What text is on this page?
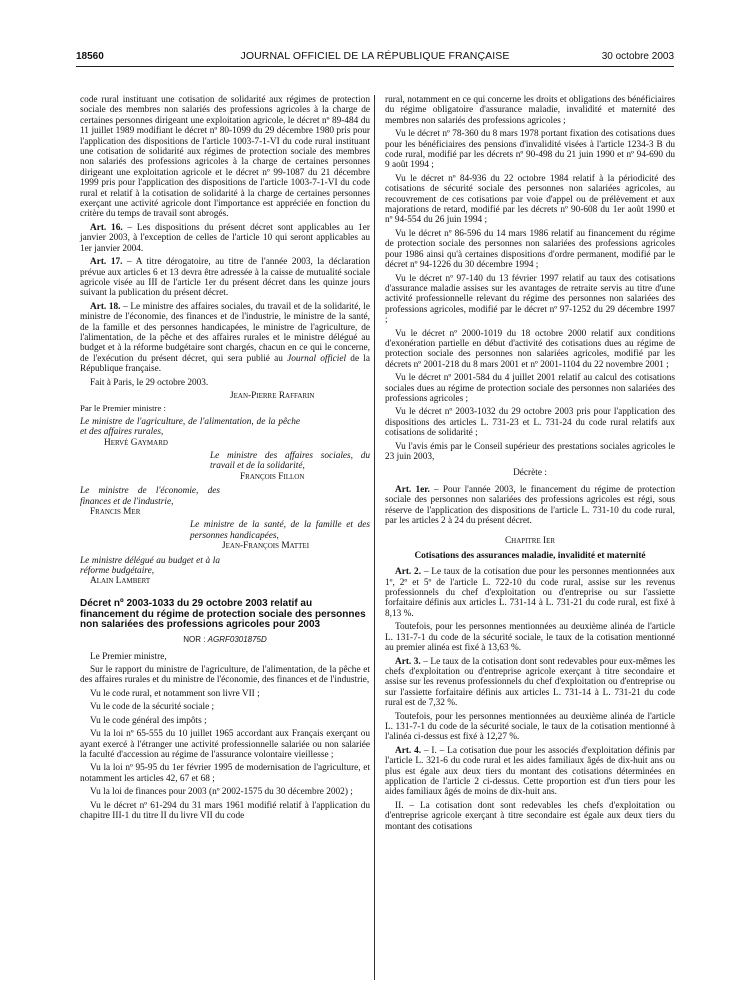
18560	JOURNAL OFFICIEL DE LA RÉPUBLIQUE FRANÇAISE	30 octobre 2003

code rural instituant une cotisation de solidarité aux régimes de protection sociale des membres non salariés des professions agricoles à la charge de certaines personnes dirigeant une exploitation agricole, le décret nº 89-484 du 11 juillet 1989 modifiant le décret nº 80-1099 du 29 décembre 1980 pris pour l'application des dispositions de l'article 1003-7-1-VI du code rural instituant une cotisation de solidarité aux régimes de protection sociale des membres non salariés des professions agricoles à la charge de certaines personnes dirigeant une exploitation agricole et le décret nº 99-1087 du 21 décembre 1999 pris pour l'application des dispositions de l'article 1003-7-1-VI du code rural et relatif à la cotisation de solidarité à la charge de certaines personnes exerçant une activité agricole dont l'importance est appréciée en fonction du critère du temps de travail sont abrogés.

Art. 16. – Les dispositions du présent décret sont applicables au 1er janvier 2003, à l'exception de celles de l'article 10 qui seront applicables au 1er janvier 2004.

Art. 17. – A titre dérogatoire, au titre de l'année 2003, la déclaration prévue aux articles 6 et 13 devra être adressée à la caisse de mutualité sociale agricole visée au III de l'article 1er du présent décret dans les quinze jours suivant la publication du présent décret.

Art. 18. – Le ministre des affaires sociales, du travail et de la solidarité, le ministre de l'économie, des finances et de l'industrie, le ministre de la santé, de la famille et des personnes handicapées, le ministre de l'agriculture, de l'alimentation, de la pêche et des affaires rurales et le ministre délégué au budget et à la réforme budgétaire sont chargés, chacun en ce qui le concerne, de l'exécution du présent décret, qui sera publié au Journal officiel de la République française.

Fait à Paris, le 29 octobre 2003.

Jean-Pierre Raffarin
Par le Premier ministre :
Le ministre de l'agriculture, de l'alimentation, de la pêche et des affaires rurales,
Hervé Gaymard
Le ministre des affaires sociales, du travail et de la solidarité,
François Fillon
Le ministre de l'économie, des finances et de l'industrie,
Francis Mer
Le ministre de la santé, de la famille et des personnes handicapées,
Jean-François Mattei
Le ministre délégué au budget et à la réforme budgétaire,
Alain Lambert

Décret nº 2003-1033 du 29 octobre 2003 relatif au financement du régime de protection sociale des personnes non salariées des professions agricoles pour 2003

NOR : AGRF0301875D

Le Premier ministre,

Sur le rapport du ministre de l'agriculture, de l'alimentation, de la pêche et des affaires rurales et du ministre de l'économie, des finances et de l'industrie,

Vu le code rural, et notamment son livre VII ;

Vu le code de la sécurité sociale ;

Vu le code général des impôts ;

Vu la loi nº 65-555 du 10 juillet 1965 accordant aux Français exerçant ou ayant exercé à l'étranger une activité professionnelle salariée ou non salariée la faculté d'accession au régime de l'assurance volontaire vieillesse ;

Vu la loi nº 95-95 du 1er février 1995 de modernisation de l'agriculture, et notamment les articles 42, 67 et 68 ;

Vu la loi de finances pour 2003 (nº 2002-1575 du 30 décembre 2002) ;

Vu le décret nº 61-294 du 31 mars 1961 modifié relatif à l'application du chapitre III-1 du titre II du livre VII du code

rural, notamment en ce qui concerne les droits et obligations des bénéficiaires du régime obligatoire d'assurance maladie, invalidité et maternité des membres non salariés des professions agricoles ;

Vu le décret nº 78-360 du 8 mars 1978 portant fixation des cotisations dues pour les bénéficiaires des pensions d'invalidité visées à l'article 1234-3 B du code rural, modifié par les décrets nº 90-498 du 21 juin 1990 et nº 94-690 du 9 août 1994 ;

Vu le décret nº 84-936 du 22 octobre 1984 relatif à la périodicité des cotisations de sécurité sociale des personnes non salariées agricoles, au recouvrement de ces cotisations par voie d'appel ou de prélèvement et aux majorations de retard, modifié par les décrets nº 90-608 du 1er août 1990 et nº 94-554 du 26 juin 1994 ;

Vu le décret nº 86-596 du 14 mars 1986 relatif au financement du régime de protection sociale des personnes non salariées des professions agricoles pour 1986 ainsi qu'à certaines dispositions d'ordre permanent, modifié par le décret nº 94-1226 du 30 décembre 1994 ;

Vu le décret nº 97-140 du 13 février 1997 relatif au taux des cotisations d'assurance maladie assises sur les avantages de retraite servis au titre d'une activité professionnelle relevant du régime des personnes non salariées des professions agricoles, modifié par le décret nº 97-1252 du 29 décembre 1997 ;

Vu le décret nº 2000-1019 du 18 octobre 2000 relatif aux conditions d'exonération partielle en début d'activité des cotisations dues au régime de protection sociale des personnes non salariées agricoles, modifié par les décrets nº 2001-218 du 8 mars 2001 et nº 2001-1104 du 22 novembre 2001 ;

Vu le décret nº 2001-584 du 4 juillet 2001 relatif au calcul des cotisations sociales dues au régime de protection sociale des personnes non salariées des professions agricoles ;

Vu le décret nº 2003-1032 du 29 octobre 2003 pris pour l'application des dispositions des articles L. 731-23 et L. 731-24 du code rural relatifs aux cotisations de solidarité ;

Vu l'avis émis par le Conseil supérieur des prestations sociales agricoles le 23 juin 2003,

Décrète :

Art. 1er. – Pour l'année 2003, le financement du régime de protection sociale des personnes non salariées des professions agricoles est régi, sous réserve de l'application des dispositions de l'article L. 731-10 du code rural, par les articles 2 à 24 du présent décret.

Chapitre Ier

Cotisations des assurances maladie, invalidité et maternité

Art. 2. – Le taux de la cotisation due pour les personnes mentionnées aux 1º, 2º et 5º de l'article L. 722-10 du code rural, assise sur les revenus professionnels du chef d'exploitation ou d'entreprise ou sur l'assiette forfaitaire définis aux articles L. 731-14 à L. 731-21 du code rural, est fixé à 8,13 %.

Toutefois, pour les personnes mentionnées au deuxième alinéa de l'article L. 131-7-1 du code de la sécurité sociale, le taux de la cotisation mentionné au premier alinéa est fixé à 13,63 %.

Art. 3. – Le taux de la cotisation dont sont redevables pour eux-mêmes les chefs d'exploitation ou d'entreprise agricole exerçant à titre secondaire et assise sur les revenus professionnels du chef d'exploitation ou d'entreprise ou sur l'assiette forfaitaire définis aux articles L. 731-14 à L. 731-21 du code rural est de 7,32 %.

Toutefois, pour les personnes mentionnées au deuxième alinéa de l'article L. 131-7-1 du code de la sécurité sociale, le taux de la cotisation mentionné à l'alinéa ci-dessus est fixé à 12,27 %.

Art. 4. – I. – La cotisation due pour les associés d'exploitation définis par l'article L. 321-6 du code rural et les aides familiaux âgés de dix-huit ans ou plus est égale aux deux tiers du montant des cotisations déterminées en application de l'article 2 ci-dessus. Cette proportion est d'un tiers pour les aides familiaux âgés de moins de dix-huit ans.

II. – La cotisation dont sont redevables les chefs d'exploitation ou d'entreprise agricole exerçant à titre secondaire est égale aux deux tiers du montant des cotisations
